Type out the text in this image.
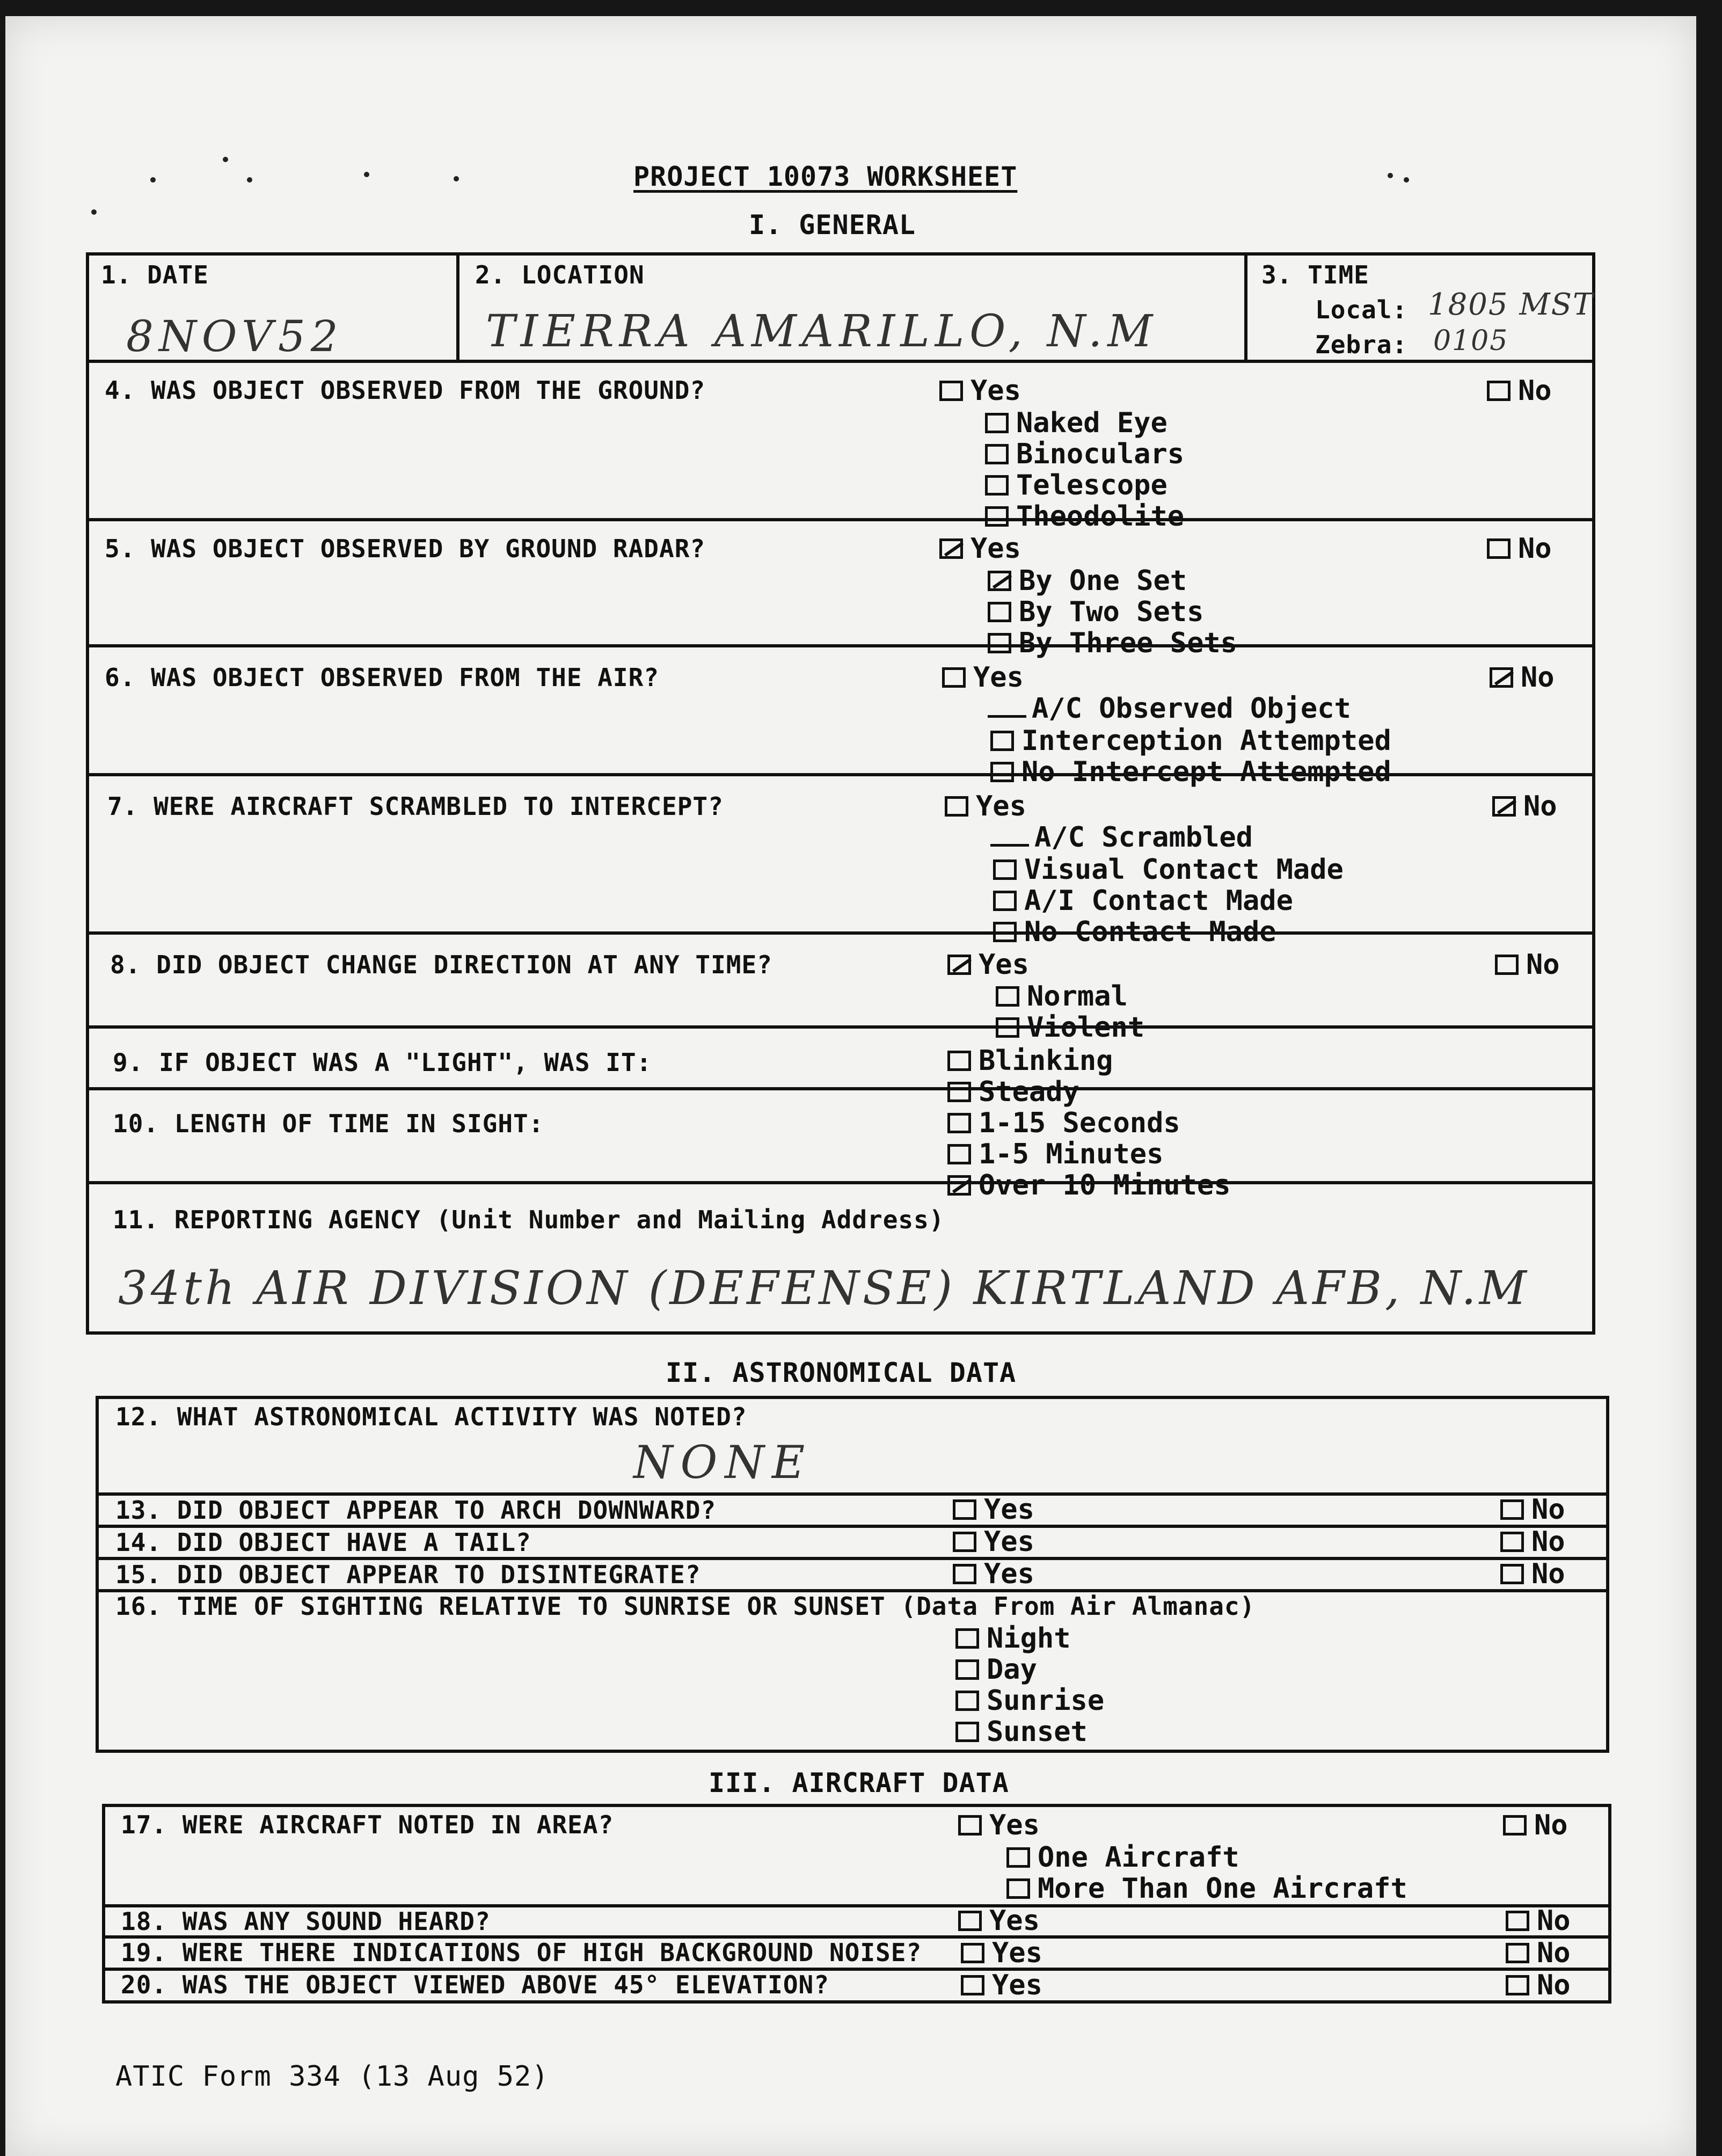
PROJECT 10073 WORKSHEET
I. GENERAL
1. DATE
8NOV52
2. LOCATION
TIERRA AMARILLO, N.M
3. TIME
Local: 1805 MST
Zebra: 0105
4. WAS OBJECT OBSERVED FROM THE GROUND?	Yes	No
Naked Eye
Binoculars
Telescope
Theodolite
5. WAS OBJECT OBSERVED BY GROUND RADAR?	Yes	No
By One Set
By Two Sets
By Three Sets
6. WAS OBJECT OBSERVED FROM THE AIR?	Yes	No
A/C Observed Object
Interception Attempted
No Intercept Attempted
7. WERE AIRCRAFT SCRAMBLED TO INTERCEPT?	Yes	No
A/C Scrambled
Visual Contact Made
A/I Contact Made
No Contact Made
8. DID OBJECT CHANGE DIRECTION AT ANY TIME?	Yes	No
Normal
Violent
9. IF OBJECT WAS A "LIGHT", WAS IT:	Blinking
Steady
10. LENGTH OF TIME IN SIGHT:	1-15 Seconds
1-5 Minutes
Over 10 Minutes
11. REPORTING AGENCY (Unit Number and Mailing Address)
34th AIR DIVISION (DEFENSE) KIRTLAND AFB, N.M
II. ASTRONOMICAL DATA
12. WHAT ASTRONOMICAL ACTIVITY WAS NOTED?
NONE
13. DID OBJECT APPEAR TO ARCH DOWNWARD?	Yes	No
14. DID OBJECT HAVE A TAIL?	Yes	No
15. DID OBJECT APPEAR TO DISINTEGRATE?	Yes	No
16. TIME OF SIGHTING RELATIVE TO SUNRISE OR SUNSET (Data From Air Almanac)
Night
Day
Sunrise
Sunset
III. AIRCRAFT DATA
17. WERE AIRCRAFT NOTED IN AREA?	Yes	No
One Aircraft
More Than One Aircraft
18. WAS ANY SOUND HEARD?	Yes	No
19. WERE THERE INDICATIONS OF HIGH BACKGROUND NOISE?	Yes	No
20. WAS THE OBJECT VIEWED ABOVE 45° ELEVATION?	Yes	No
ATIC Form 334 (13 Aug 52)
